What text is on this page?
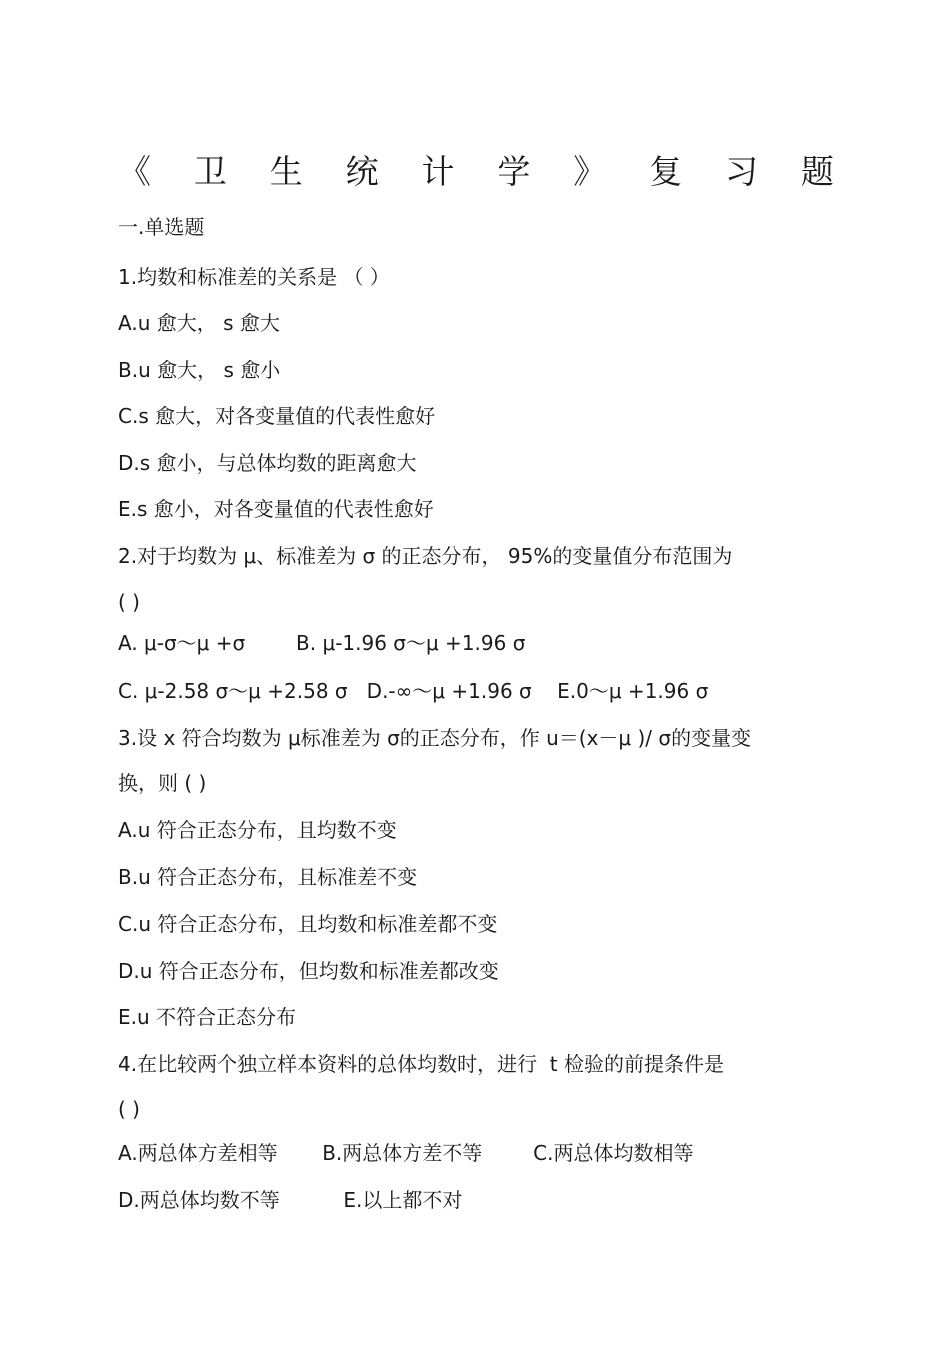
《 卫 生 统 计 学 》 复 习 题
一.单选题
1.均数和标准差的关系是 （ ）
A.u 愈大， s 愈大
B.u 愈大， s 愈小
C.s 愈大，对各变量值的代表性愈好
D.s 愈小，与总体均数的距离愈大
E.s 愈小，对各变量值的代表性愈好
2.对于均数为 μ、标准差为 σ 的正态分布， 95%的变量值分布范围为
( )
A. μ-σ～μ +σ        B. μ-1.96 σ～μ +1.96 σ
C. μ-2.58 σ～μ +2.58 σ   D.-∞～μ +1.96 σ    E.0～μ +1.96 σ
3.设 x 符合均数为 μ标准差为 σ的正态分布，作 u＝(x－μ )/ σ的变量变
换，则 ( )
A.u 符合正态分布，且均数不变
B.u 符合正态分布，且标准差不变
C.u 符合正态分布，且均数和标准差都不变
D.u 符合正态分布，但均数和标准差都改变
E.u 不符合正态分布
4.在比较两个独立样本资料的总体均数时，进行  t 检验的前提条件是
( )
A.两总体方差相等       B.两总体方差不等        C.两总体均数相等
D.两总体均数不等          E.以上都不对
